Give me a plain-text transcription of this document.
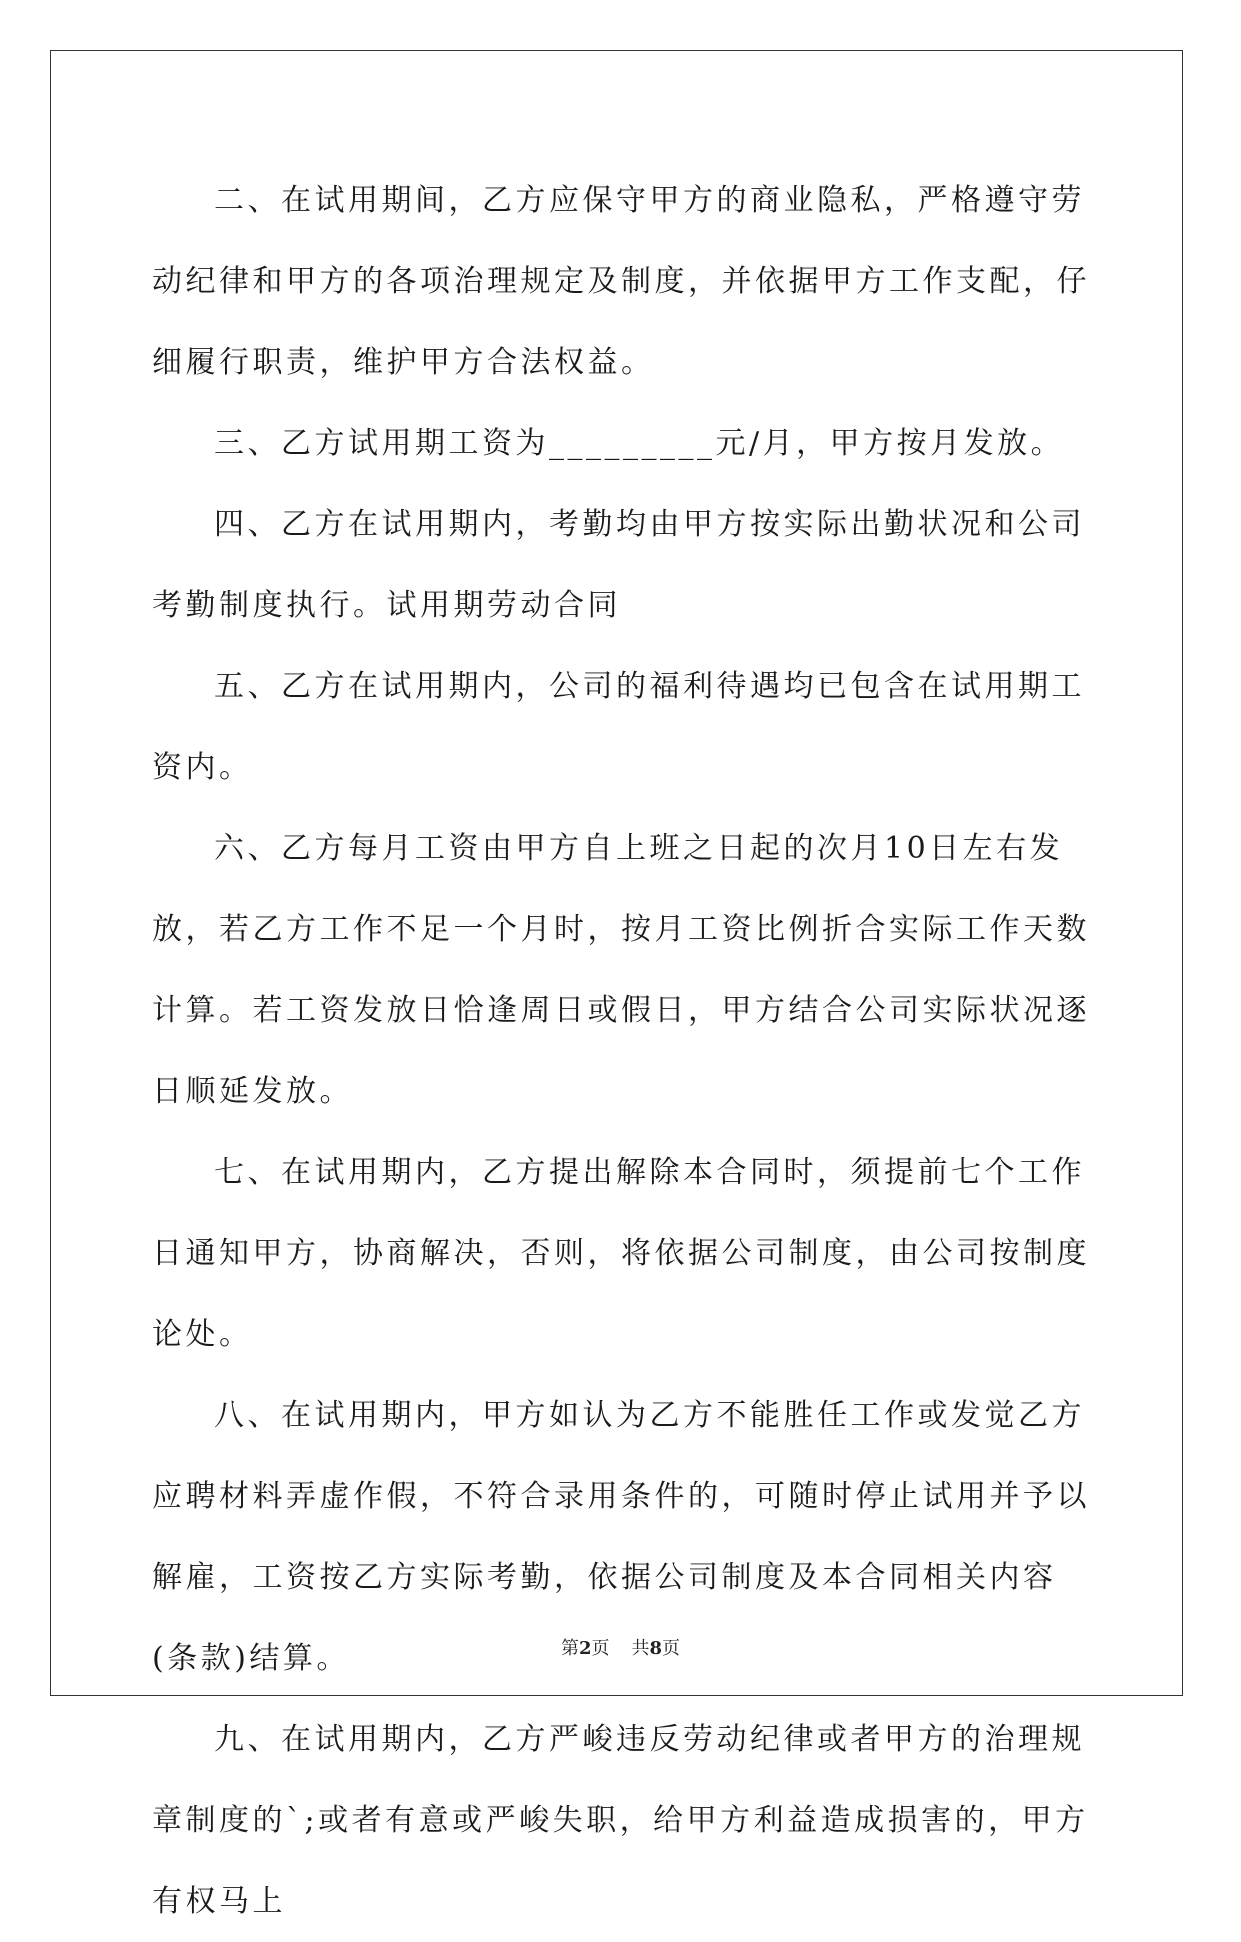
二、在试用期间，乙方应保守甲方的商业隐私，严格遵守劳动纪律和甲方的各项治理规定及制度，并依据甲方工作支配，仔细履行职责，维护甲方合法权益。

三、乙方试用期工资为_________元/月，甲方按月发放。

四、乙方在试用期内，考勤均由甲方按实际出勤状况和公司考勤制度执行。试用期劳动合同

五、乙方在试用期内，公司的福利待遇均已包含在试用期工资内。

六、乙方每月工资由甲方自上班之日起的次月10日左右发放，若乙方工作不足一个月时，按月工资比例折合实际工作天数计算。若工资发放日恰逢周日或假日，甲方结合公司实际状况逐日顺延发放。

七、在试用期内，乙方提出解除本合同时，须提前七个工作日通知甲方，协商解决，否则，将依据公司制度，由公司按制度论处。

八、在试用期内，甲方如认为乙方不能胜任工作或发觉乙方应聘材料弄虚作假，不符合录用条件的，可随时停止试用并予以解雇，工资按乙方实际考勤，依据公司制度及本合同相关内容(条款)结算。

九、在试用期内，乙方严峻违反劳动纪律或者甲方的治理规章制度的`;或者有意或严峻失职，给甲方利益造成损害的，甲方有权马上

第2页 共8页
